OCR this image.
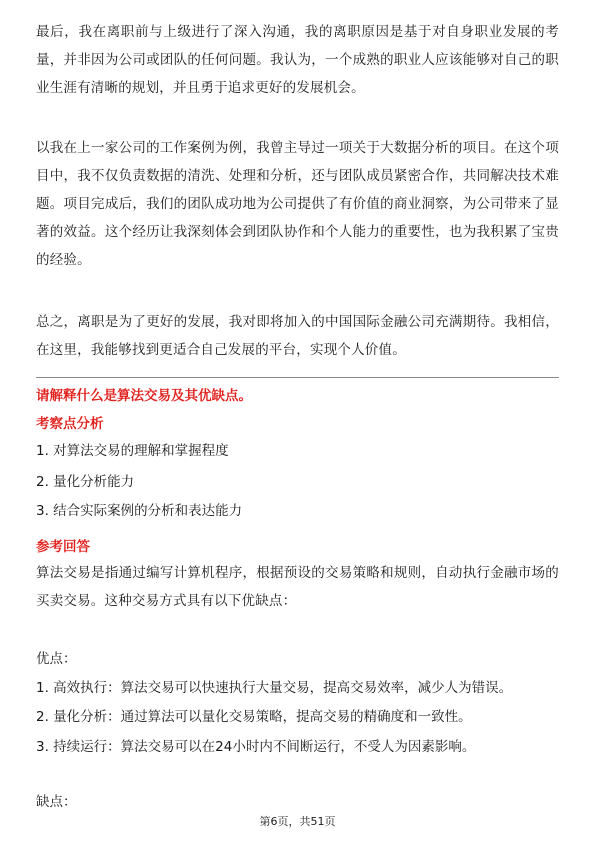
最后，我在离职前与上级进行了深入沟通，我的离职原因是基于对自身职业发展的考量，并非因为公司或团队的任何问题。我认为，一个成熟的职业人应该能够对自己的职业生涯有清晰的规划，并且勇于追求更好的发展机会。

以我在上一家公司的工作案例为例，我曾主导过一项关于大数据分析的项目。在这个项目中，我不仅负责数据的清洗、处理和分析，还与团队成员紧密合作，共同解决技术难题。项目完成后，我们的团队成功地为公司提供了有价值的商业洞察，为公司带来了显著的效益。这个经历让我深刻体会到团队协作和个人能力的重要性，也为我积累了宝贵的经验。

总之，离职是为了更好的发展，我对即将加入的中国国际金融公司充满期待。我相信，在这里，我能够找到更适合自己发展的平台，实现个人价值。

请解释什么是算法交易及其优缺点。
考察点分析
1. 对算法交易的理解和掌握程度
2. 量化分析能力
3. 结合实际案例的分析和表达能力
参考回答

算法交易是指通过编写计算机程序，根据预设的交易策略和规则，自动执行金融市场的买卖交易。这种交易方式具有以下优缺点：

优点：
1. 高效执行：算法交易可以快速执行大量交易，提高交易效率，减少人为错误。
2. 量化分析：通过算法可以量化交易策略，提高交易的精确度和一致性。
3. 持续运行：算法交易可以在24小时内不间断运行，不受人为因素影响。
缺点：
第6页，共51页
